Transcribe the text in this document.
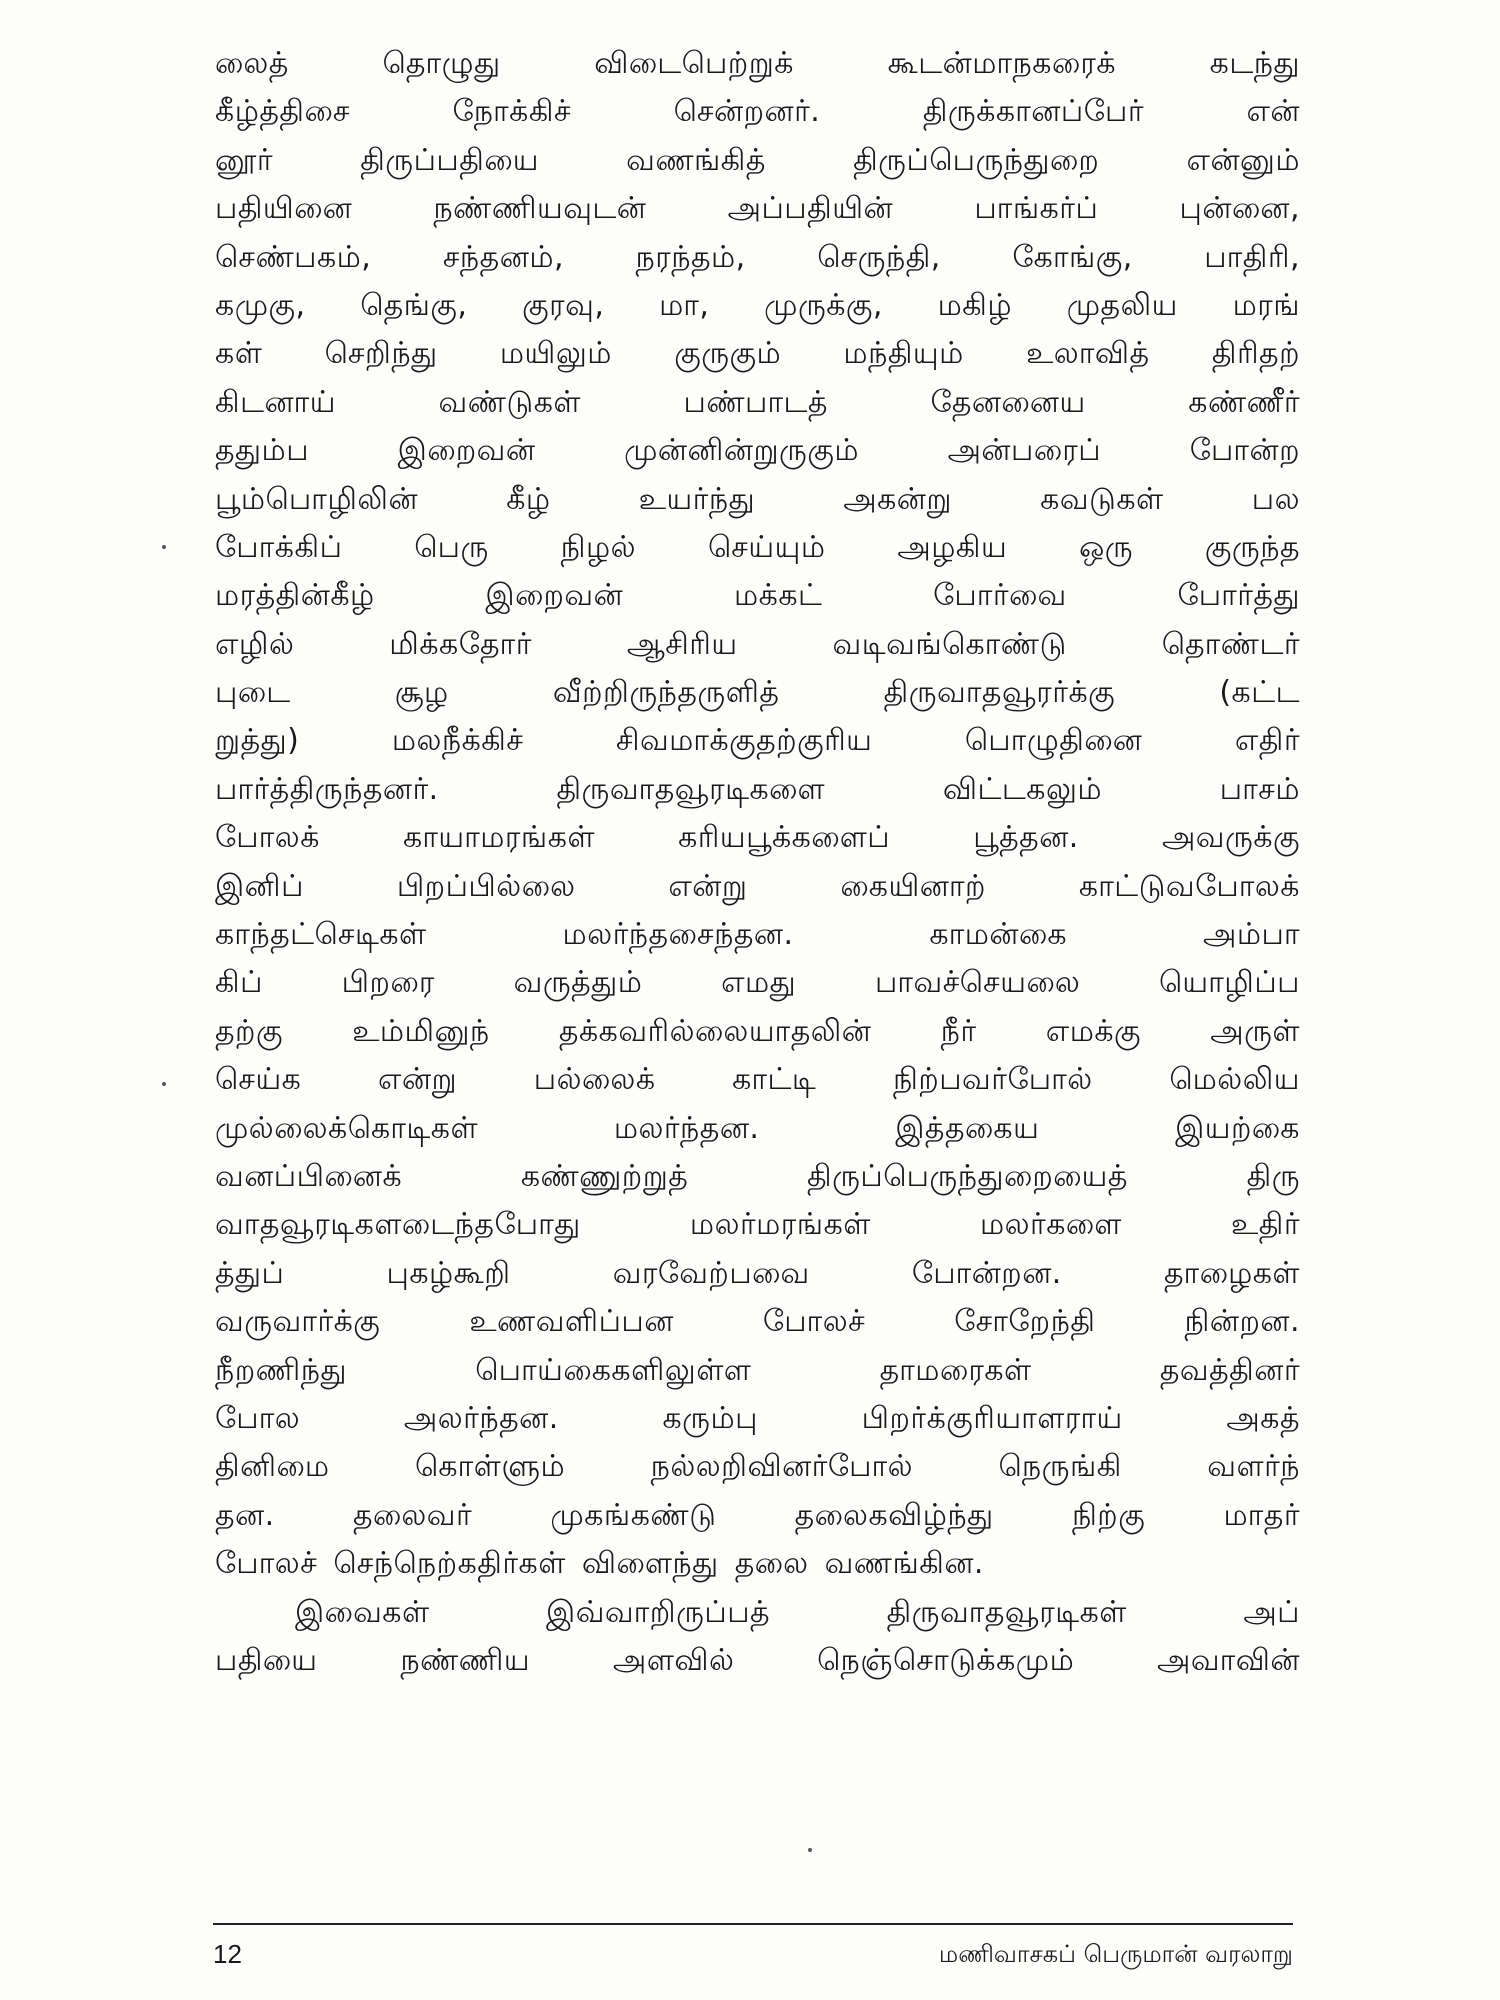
லைத் தொழுது விடைபெற்றுக் கூடன்மாநகரைக் கடந்து
கீழ்த்திசை நோக்கிச் சென்றனர். திருக்கானப்பேர் என்
னூர் திருப்பதியை வணங்கித் திருப்பெருந்துறை என்னும்
பதியினை நண்ணியவுடன் அப்பதியின் பாங்கர்ப் புன்னை,
செண்பகம், சந்தனம், நரந்தம், செருந்தி, கோங்கு, பாதிரி,
கமுகு, தெங்கு, குரவு, மா, முருக்கு, மகிழ் முதலிய மரங்
கள் செறிந்து மயிலும் குருகும் மந்தியும் உலாவித் திரிதற்
கிடனாய் வண்டுகள் பண்பாடத் தேனனைய கண்ணீர்
ததும்ப இறைவன் முன்னின்றுருகும் அன்பரைப் போன்ற
பூம்பொழிலின் கீழ் உயர்ந்து அகன்று கவடுகள் பல
போக்கிப் பெரு நிழல் செய்யும் அழகிய ஒரு குருந்த
மரத்தின்கீழ் இறைவன் மக்கட் போர்வை போர்த்து
எழில் மிக்கதோர் ஆசிரிய வடிவங்கொண்டு தொண்டர்
புடை சூழ வீற்றிருந்தருளித் திருவாதவூரர்க்கு (கட்ட
றுத்து) மலநீக்கிச் சிவமாக்குதற்குரிய பொழுதினை எதிர்
பார்த்திருந்தனர். திருவாதவூரடிகளை விட்டகலும் பாசம்
போலக் காயாமரங்கள் கரியபூக்களைப் பூத்தன. அவருக்கு
இனிப் பிறப்பில்லை என்று கையினாற் காட்டுவபோலக்
காந்தட்செடிகள் மலர்ந்தசைந்தன. காமன்கை அம்பா
கிப் பிறரை வருத்தும் எமது பாவச்செயலை யொழிப்ப
தற்கு உம்மினுந் தக்கவரில்லையாதலின் நீர் எமக்கு அருள்
செய்க என்று பல்லைக் காட்டி நிற்பவர்போல் மெல்லிய
முல்லைக்கொடிகள் மலர்ந்தன. இத்தகைய இயற்கை
வனப்பினைக் கண்ணுற்றுத் திருப்பெருந்துறையைத் திரு
வாதவூரடிகளடைந்தபோது மலர்மரங்கள் மலர்களை உதிர்
த்துப் புகழ்கூறி வரவேற்பவை போன்றன. தாழைகள்
வருவார்க்கு உணவளிப்பன போலச் சோறேந்தி நின்றன.
நீறணிந்து பொய்கைகளிலுள்ள தாமரைகள் தவத்தினர்
போல அலர்ந்தன. கரும்பு பிறர்க்குரியாளராய் அகத்
தினிமை கொள்ளும் நல்லறிவினர்போல் நெருங்கி வளர்ந்
தன. தலைவர் முகங்கண்டு தலைகவிழ்ந்து நிற்கு மாதர்
போலச் செந்நெற்கதிர்கள் விளைந்து தலை வணங்கின.
இவைகள் இவ்வாறிருப்பத் திருவாதவூரடிகள் அப்
பதியை நண்ணிய அளவில் நெஞ்சொடுக்கமும் அவாவின்
12	மணிவாசகப் பெருமான் வரலாறு
